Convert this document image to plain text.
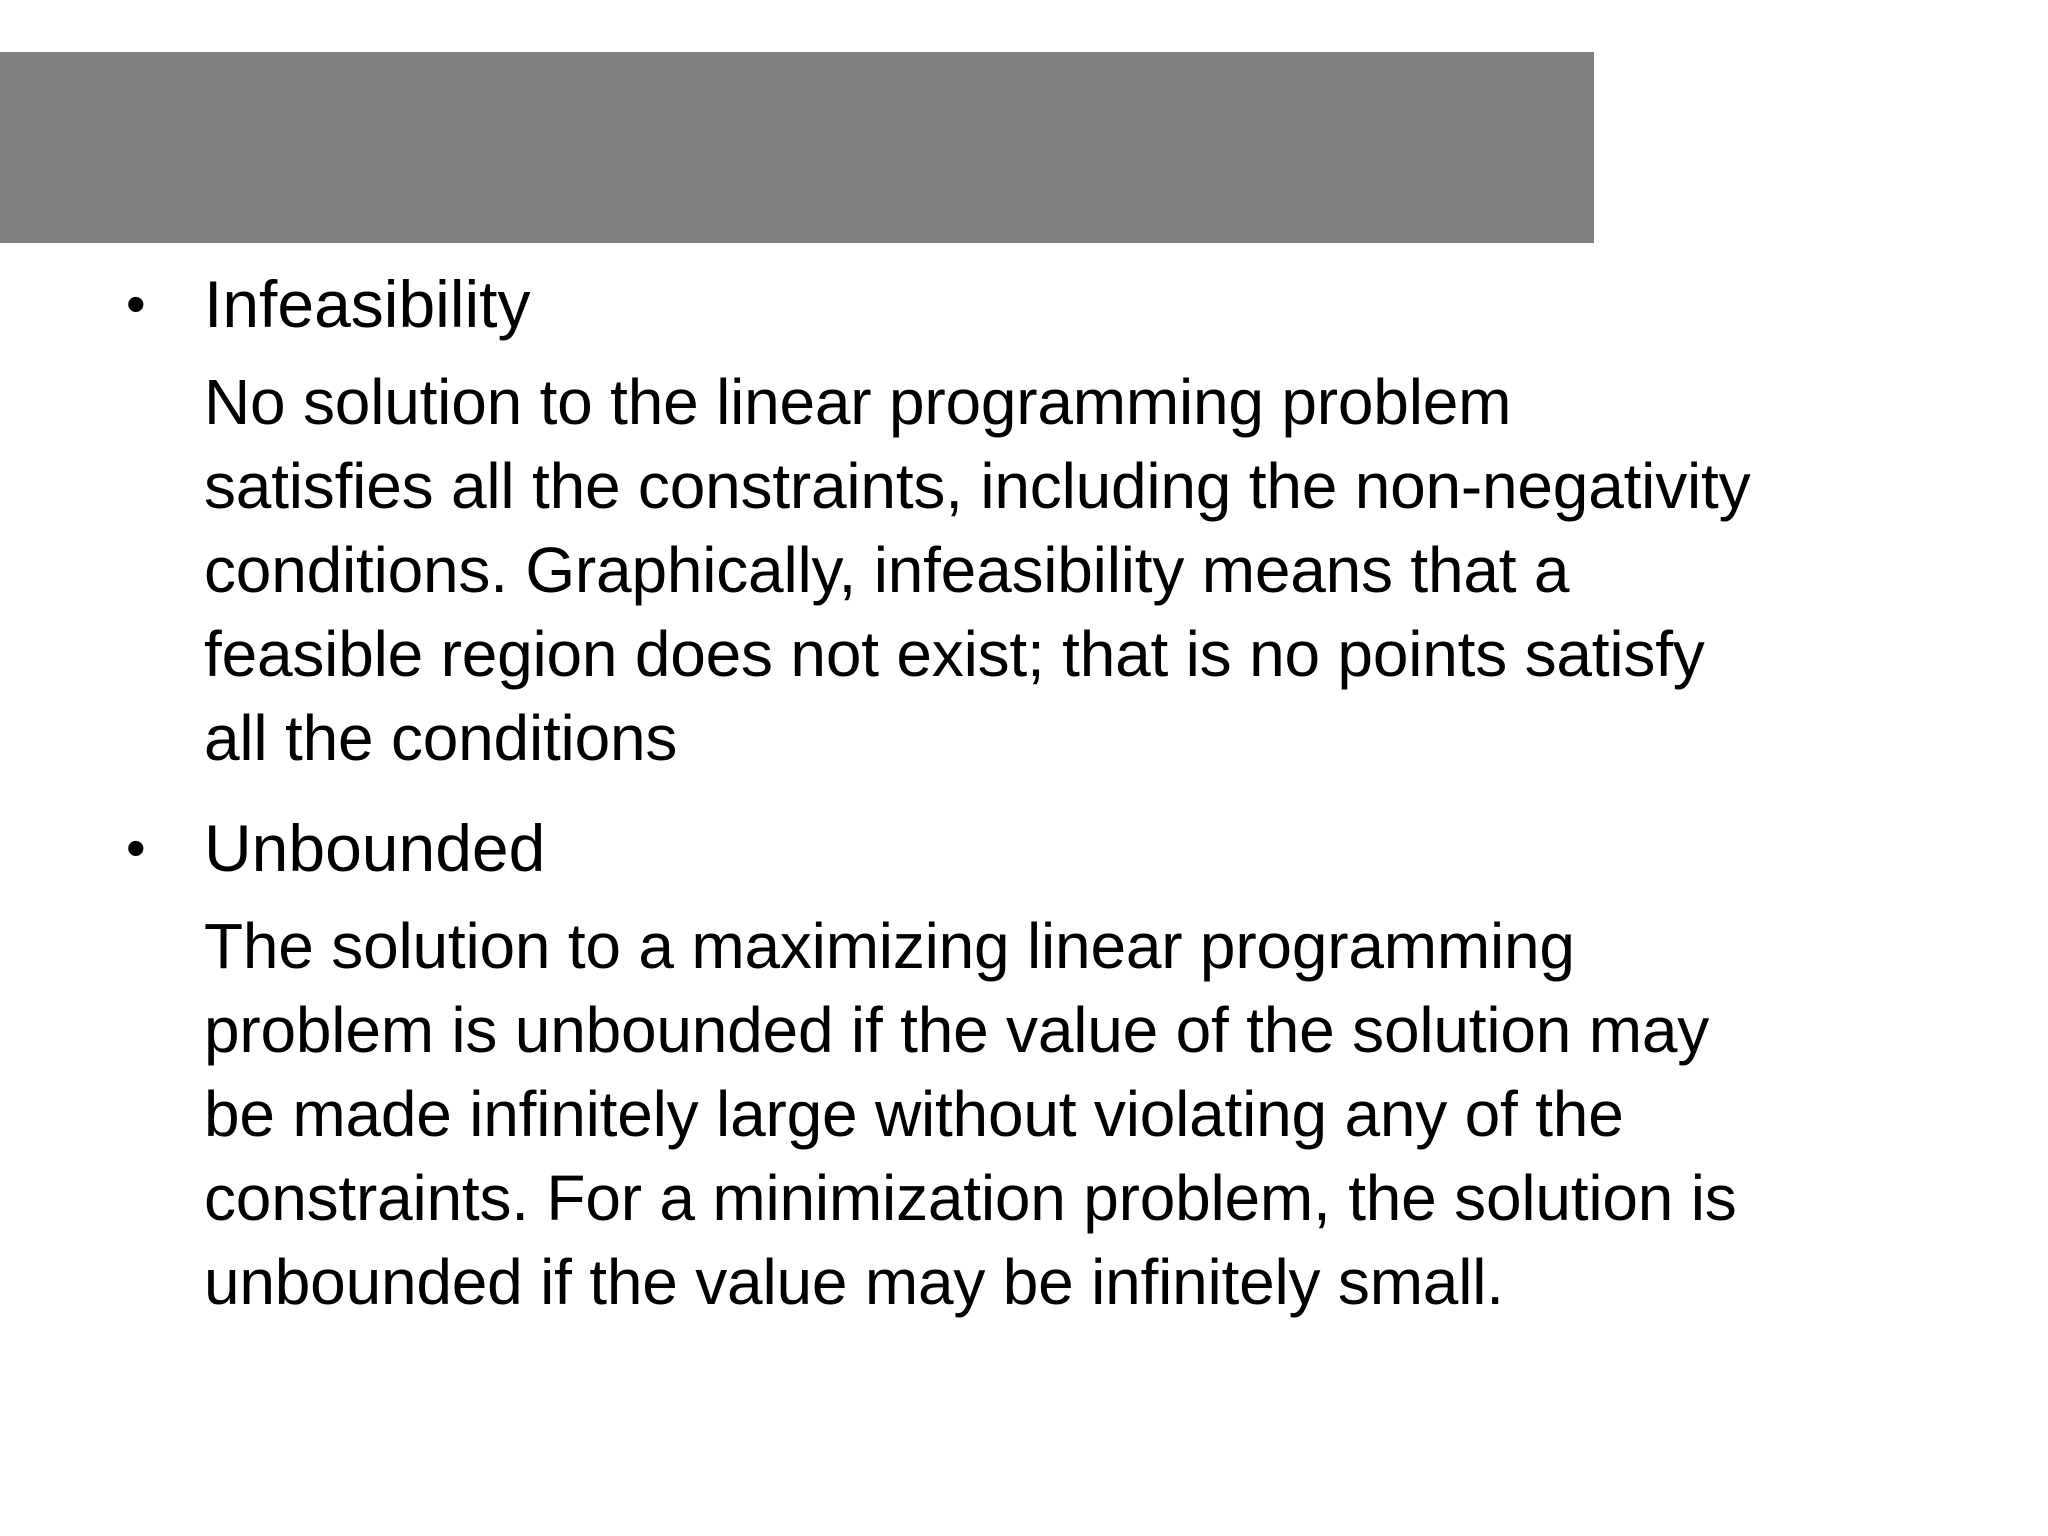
• Infeasibility
No solution to the linear programming problem
satisfies all the constraints, including the non-negativity
conditions. Graphically, infeasibility means that a
feasible region does not exist; that is no points satisfy
all the conditions
• Unbounded
The solution to a maximizing linear programming
problem is unbounded if the value of the solution may
be made infinitely large without violating any of the
constraints. For a minimization problem, the solution is
unbounded if the value may be infinitely small.
